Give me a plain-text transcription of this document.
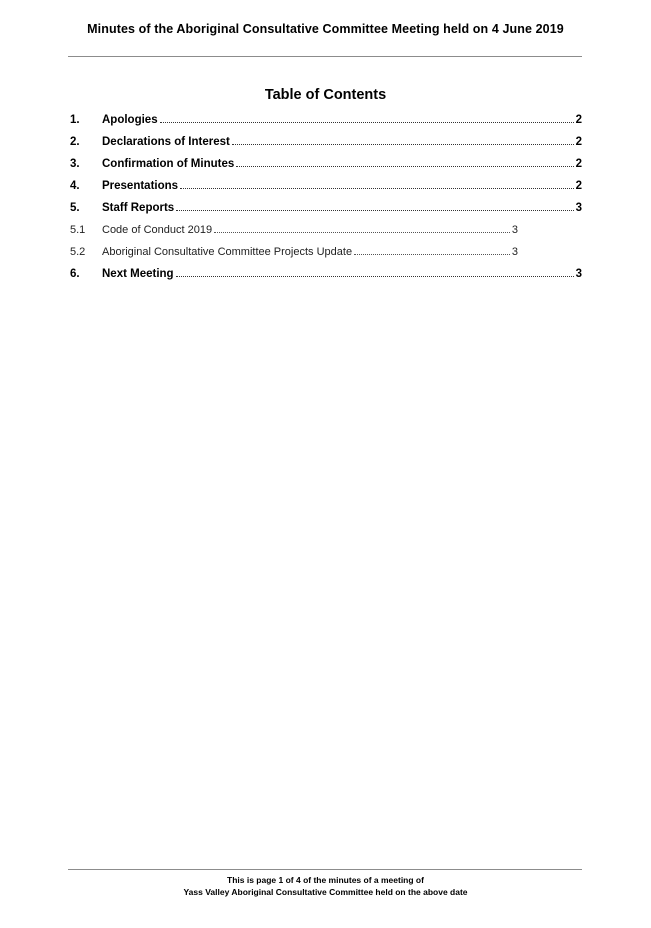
Minutes of the Aboriginal Consultative Committee Meeting held on 4 June 2019
Table of Contents
1. Apologies	2
2. Declarations of Interest	2
3. Confirmation of Minutes	2
4. Presentations	2
5. Staff Reports	3
5.1 Code of Conduct 2019	3
5.2 Aboriginal Consultative Committee Projects Update	3
6. Next Meeting	3
This is page 1 of 4 of the minutes of a meeting of
Yass Valley Aboriginal Consultative Committee held on the above date
